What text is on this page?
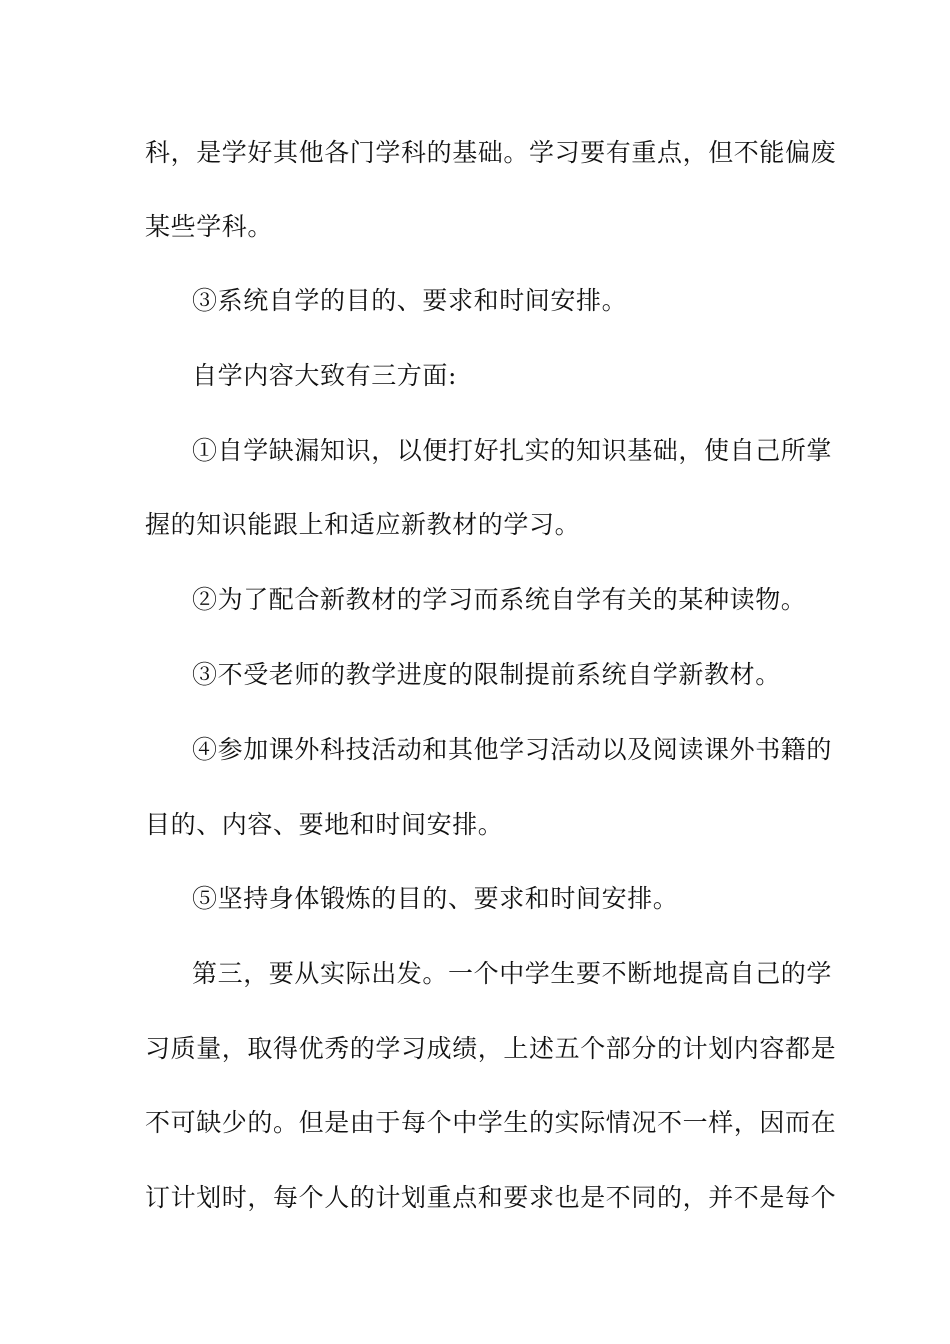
科，是学好其他各门学科的基础。学习要有重点，但不能偏废
某些学科。
③系统自学的目的、要求和时间安排。
自学内容大致有三方面:
①自学缺漏知识，以便打好扎实的知识基础，使自己所掌
握的知识能跟上和适应新教材的学习。
②为了配合新教材的学习而系统自学有关的某种读物。
③不受老师的教学进度的限制提前系统自学新教材。
④参加课外科技活动和其他学习活动以及阅读课外书籍的
目的、内容、要地和时间安排。
⑤坚持身体锻炼的目的、要求和时间安排。
第三，要从实际出发。一个中学生要不断地提高自己的学
习质量，取得优秀的学习成绩，上述五个部分的计划内容都是
不可缺少的。但是由于每个中学生的实际情况不一样，因而在
订计划时，每个人的计划重点和要求也是不同的，并不是每个
